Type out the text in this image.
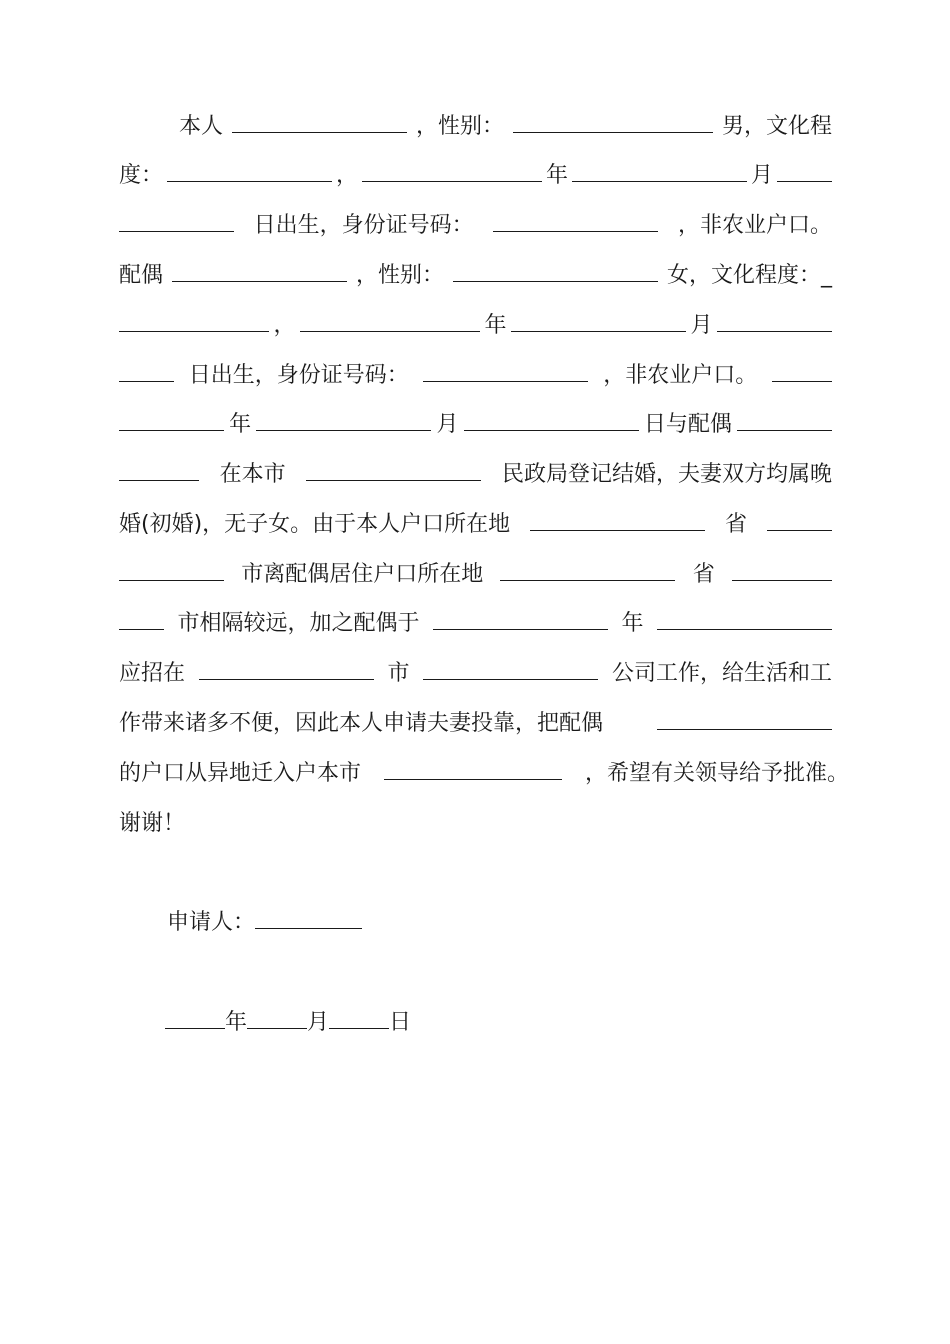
本人	，性别：	男，文化程
度：	，	年	月
日出生，身份证号码：	，非农业户口。
配偶	，性别：	女，文化程度：_
，	年	月
日出生，身份证号码：	，非农业户口。
年	月	日与配偶
在本市	民政局登记结婚，夫妻双方均属晚
婚(初婚)，无子女。由于本人户口所在地	省
市离配偶居住户口所在地	省
市相隔较远，加之配偶于	年
应招在	市	公司工作，给生活和工
作带来诸多不便，因此本人申请夫妻投靠，把配偶
的户口从异地迁入户本市	，希望有关领导给予批准。
谢谢！
申请人：
年	月	日
